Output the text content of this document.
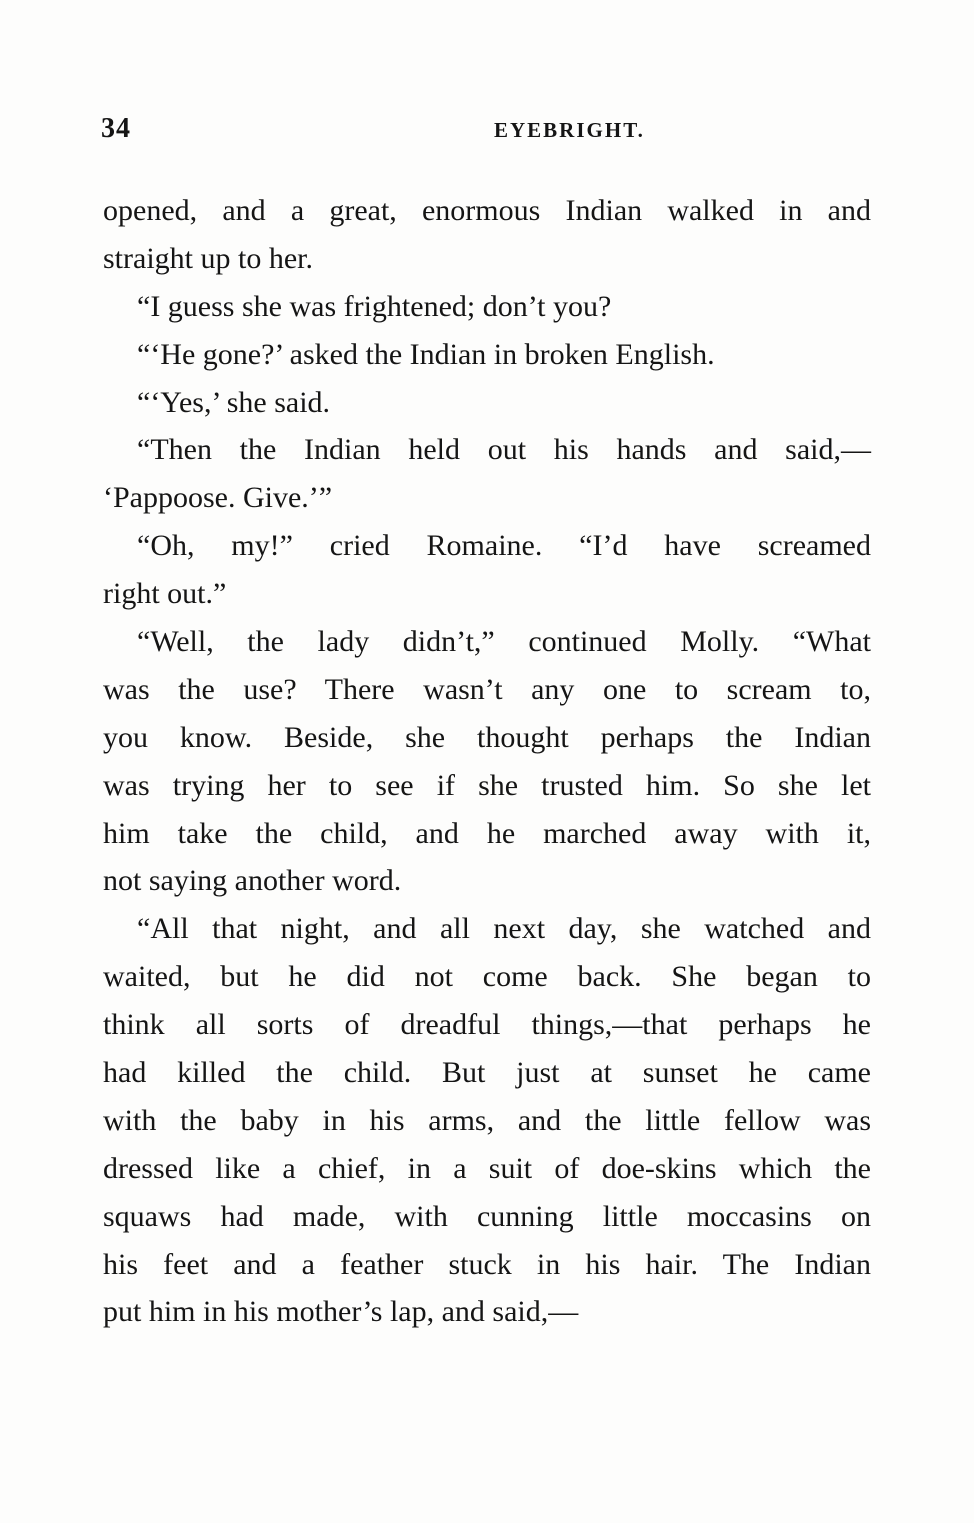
34	EYEBRIGHT.
opened, and a great, enormous Indian walked in and
straight up to her.
“I guess she was frightened; don’t you?
“‘He gone?’ asked the Indian in broken English.
“‘Yes,’ she said.
“Then the Indian held out his hands and said,—
‘Pappoose. Give.’”
“Oh, my!” cried Romaine. “I’d have screamed
right out.”
“Well, the lady didn’t,” continued Molly. “What
was the use? There wasn’t any one to scream to,
you know. Beside, she thought perhaps the Indian
was trying her to see if she trusted him. So she let
him take the child, and he marched away with it,
not saying another word.
“All that night, and all next day, she watched and
waited, but he did not come back. She began to
think all sorts of dreadful things,—that perhaps he
had killed the child. But just at sunset he came
with the baby in his arms, and the little fellow was
dressed like a chief, in a suit of doe-skins which the
squaws had made, with cunning little moccasins on
his feet and a feather stuck in his hair. The Indian
put him in his mother’s lap, and said,—
